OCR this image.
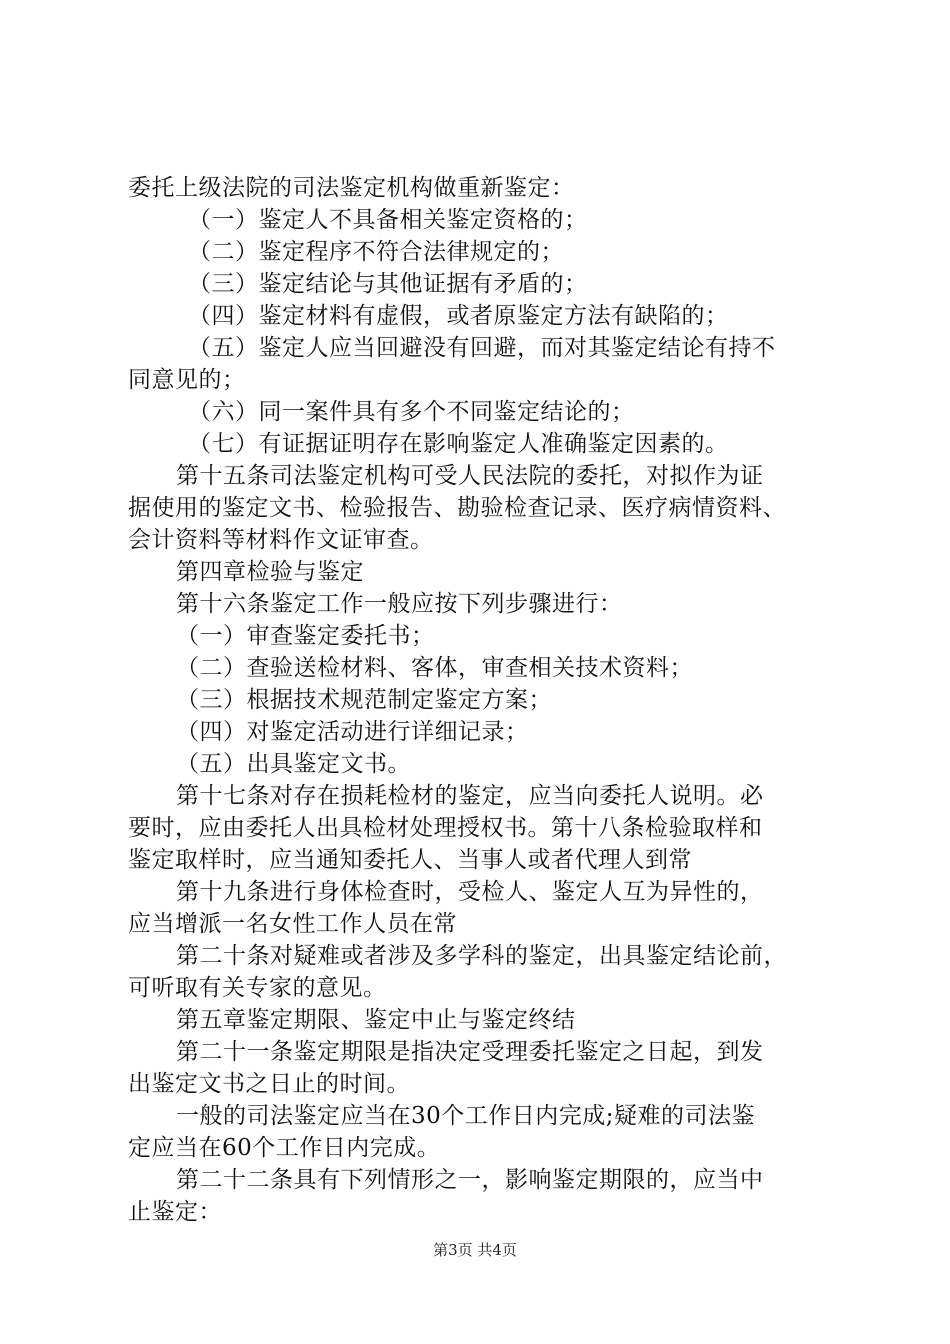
委托上级法院的司法鉴定机构做重新鉴定：
（一）鉴定人不具备相关鉴定资格的；
（二）鉴定程序不符合法律规定的；
（三）鉴定结论与其他证据有矛盾的；
（四）鉴定材料有虚假，或者原鉴定方法有缺陷的；
（五）鉴定人应当回避没有回避，而对其鉴定结论有持不
同意见的；
（六）同一案件具有多个不同鉴定结论的；
（七）有证据证明存在影响鉴定人准确鉴定因素的。
第十五条司法鉴定机构可受人民法院的委托，对拟作为证
据使用的鉴定文书、检验报告、勘验检查记录、医疗病情资料、
会计资料等材料作文证审查。
第四章检验与鉴定
第十六条鉴定工作一般应按下列步骤进行：
（一）审查鉴定委托书；
（二）查验送检材料、客体，审查相关技术资料；
（三）根据技术规范制定鉴定方案；
（四）对鉴定活动进行详细记录；
（五）出具鉴定文书。
第十七条对存在损耗检材的鉴定，应当向委托人说明。必
要时，应由委托人出具检材处理授权书。第十八条检验取样和
鉴定取样时，应当通知委托人、当事人或者代理人到常
第十九条进行身体检查时，受检人、鉴定人互为异性的，
应当增派一名女性工作人员在常
第二十条对疑难或者涉及多学科的鉴定，出具鉴定结论前，
可听取有关专家的意见。
第五章鉴定期限、鉴定中止与鉴定终结
第二十一条鉴定期限是指决定受理委托鉴定之日起，到发
出鉴定文书之日止的时间。
一般的司法鉴定应当在30个工作日内完成;疑难的司法鉴
定应当在60个工作日内完成。
第二十二条具有下列情形之一，影响鉴定期限的，应当中
止鉴定：
第3页 共4页
